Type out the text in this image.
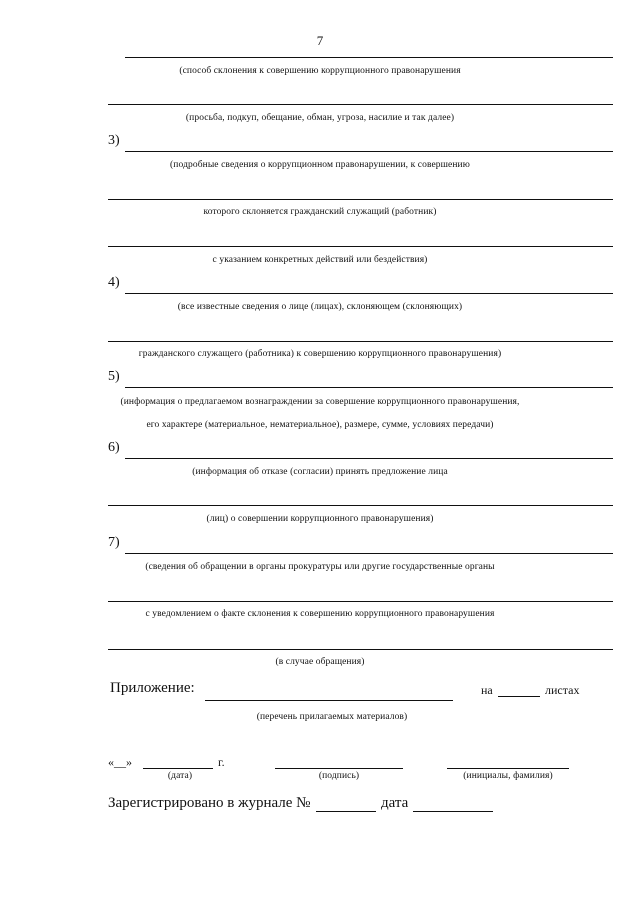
7
(способ склонения к совершению коррупционного правонарушения
(просьба, подкуп, обещание, обман, угроза, насилие и так далее)
3)
(подробные сведения о коррупционном правонарушении, к совершению
которого склоняется гражданский служащий (работник)
с указанием конкретных действий или бездействия)
4)
(все известные сведения о лице (лицах), склоняющем (склоняющих)
гражданского служащего (работника) к совершению коррупционного правонарушения)
5)
(информация о предлагаемом вознаграждении за совершение коррупционного правонарушения,
его характере (материальное, нематериальное), размере, сумме, условиях передачи)
6)
(информация об отказе (согласии) принять предложение лица
(лиц) о совершении коррупционного правонарушения)
7)
(сведения об обращении в органы прокуратуры или другие государственные органы
с уведомлением о факте склонения к совершению коррупционного правонарушения
(в случае обращения)
Приложение:	на	листах
(перечень прилагаемых материалов)
«__»	г.
(дата)	(подпись)	(инициалы, фамилия)
Зарегистрировано в журнале №	дата
